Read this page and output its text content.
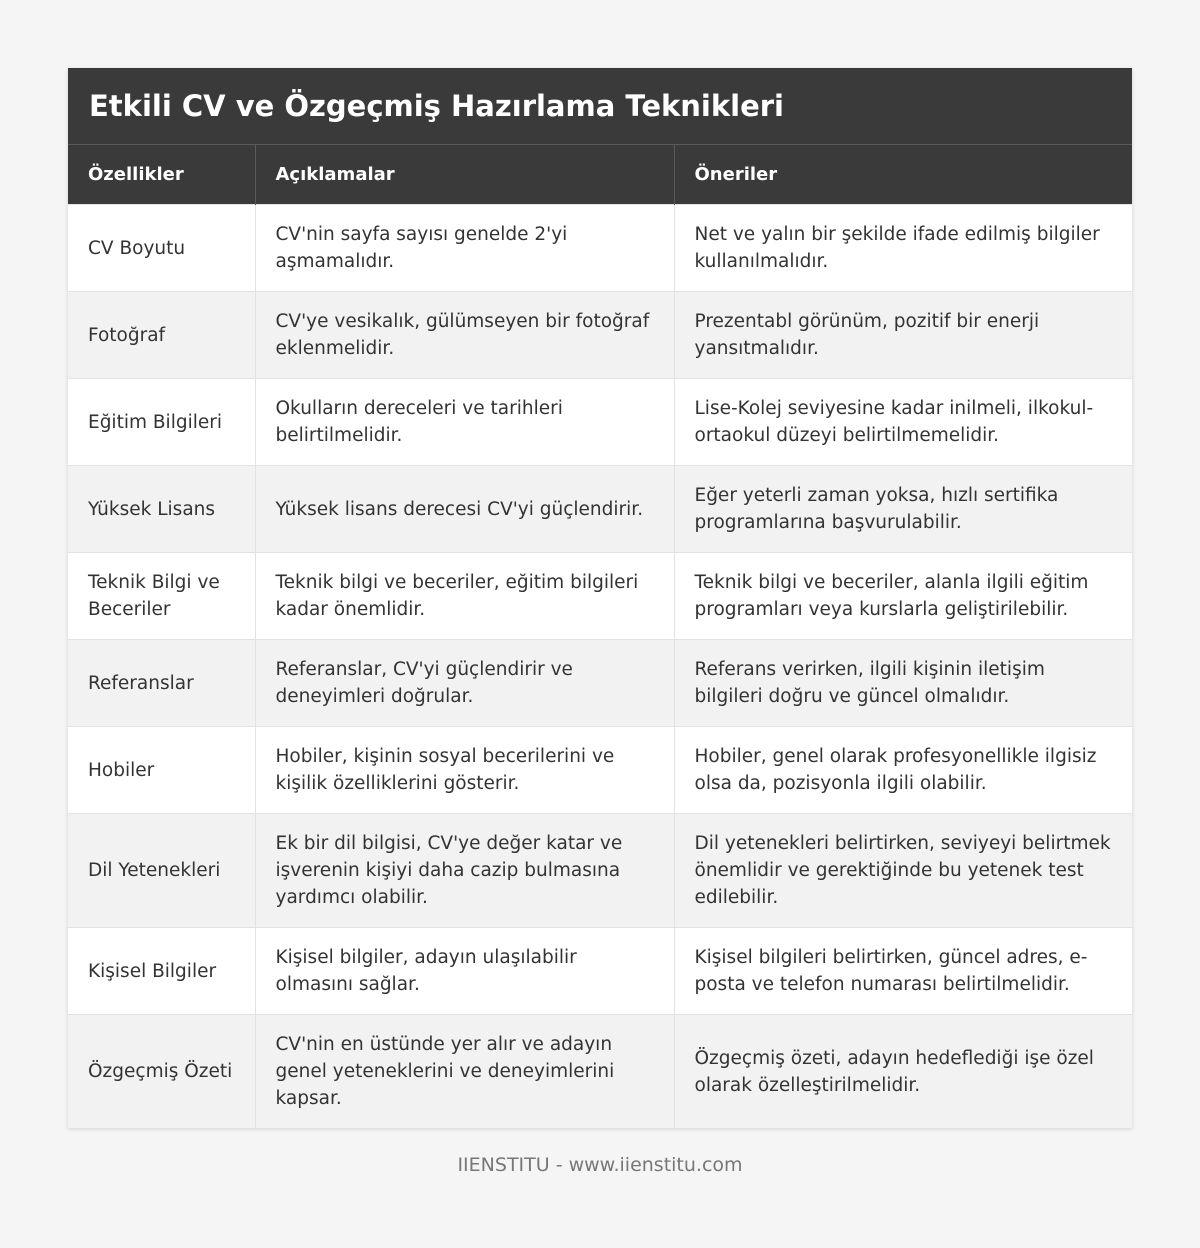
Etkili CV ve Özgeçmiş Hazırlama Teknikleri
Özellikler	Açıklamalar	Öneriler
CV Boyutu	CV'nin sayfa sayısı genelde 2'yi aşmamalıdır.	Net ve yalın bir şekilde ifade edilmiş bilgiler kullanılmalıdır.
Fotoğraf	CV'ye vesikalık, gülümseyen bir fotoğraf eklenmelidir.	Prezentabl görünüm, pozitif bir enerji yansıtmalıdır.
Eğitim Bilgileri	Okulların dereceleri ve tarihleri belirtilmelidir.	Lise-Kolej seviyesine kadar inilmeli, ilkokul-ortaokul düzeyi belirtilmemelidir.
Yüksek Lisans	Yüksek lisans derecesi CV'yi güçlendirir.	Eğer yeterli zaman yoksa, hızlı sertifika programlarına başvurulabilir.
Teknik Bilgi ve Beceriler	Teknik bilgi ve beceriler, eğitim bilgileri kadar önemlidir.	Teknik bilgi ve beceriler, alanla ilgili eğitim programları veya kurslarla geliştirilebilir.
Referanslar	Referanslar, CV'yi güçlendirir ve deneyimleri doğrular.	Referans verirken, ilgili kişinin iletişim bilgileri doğru ve güncel olmalıdır.
Hobiler	Hobiler, kişinin sosyal becerilerini ve kişilik özelliklerini gösterir.	Hobiler, genel olarak profesyonellikle ilgisiz olsa da, pozisyonla ilgili olabilir.
Dil Yetenekleri	Ek bir dil bilgisi, CV'ye değer katar ve işverenin kişiyi daha cazip bulmasına yardımcı olabilir.	Dil yetenekleri belirtirken, seviyeyi belirtmek önemlidir ve gerektiğinde bu yetenek test edilebilir.
Kişisel Bilgiler	Kişisel bilgiler, adayın ulaşılabilir olmasını sağlar.	Kişisel bilgileri belirtirken, güncel adres, e-posta ve telefon numarası belirtilmelidir.
Özgeçmiş Özeti	CV'nin en üstünde yer alır ve adayın genel yeteneklerini ve deneyimlerini kapsar.	Özgeçmiş özeti, adayın hedeflediği işe özel olarak özelleştirilmelidir.
IIENSTITU - www.iienstitu.com
